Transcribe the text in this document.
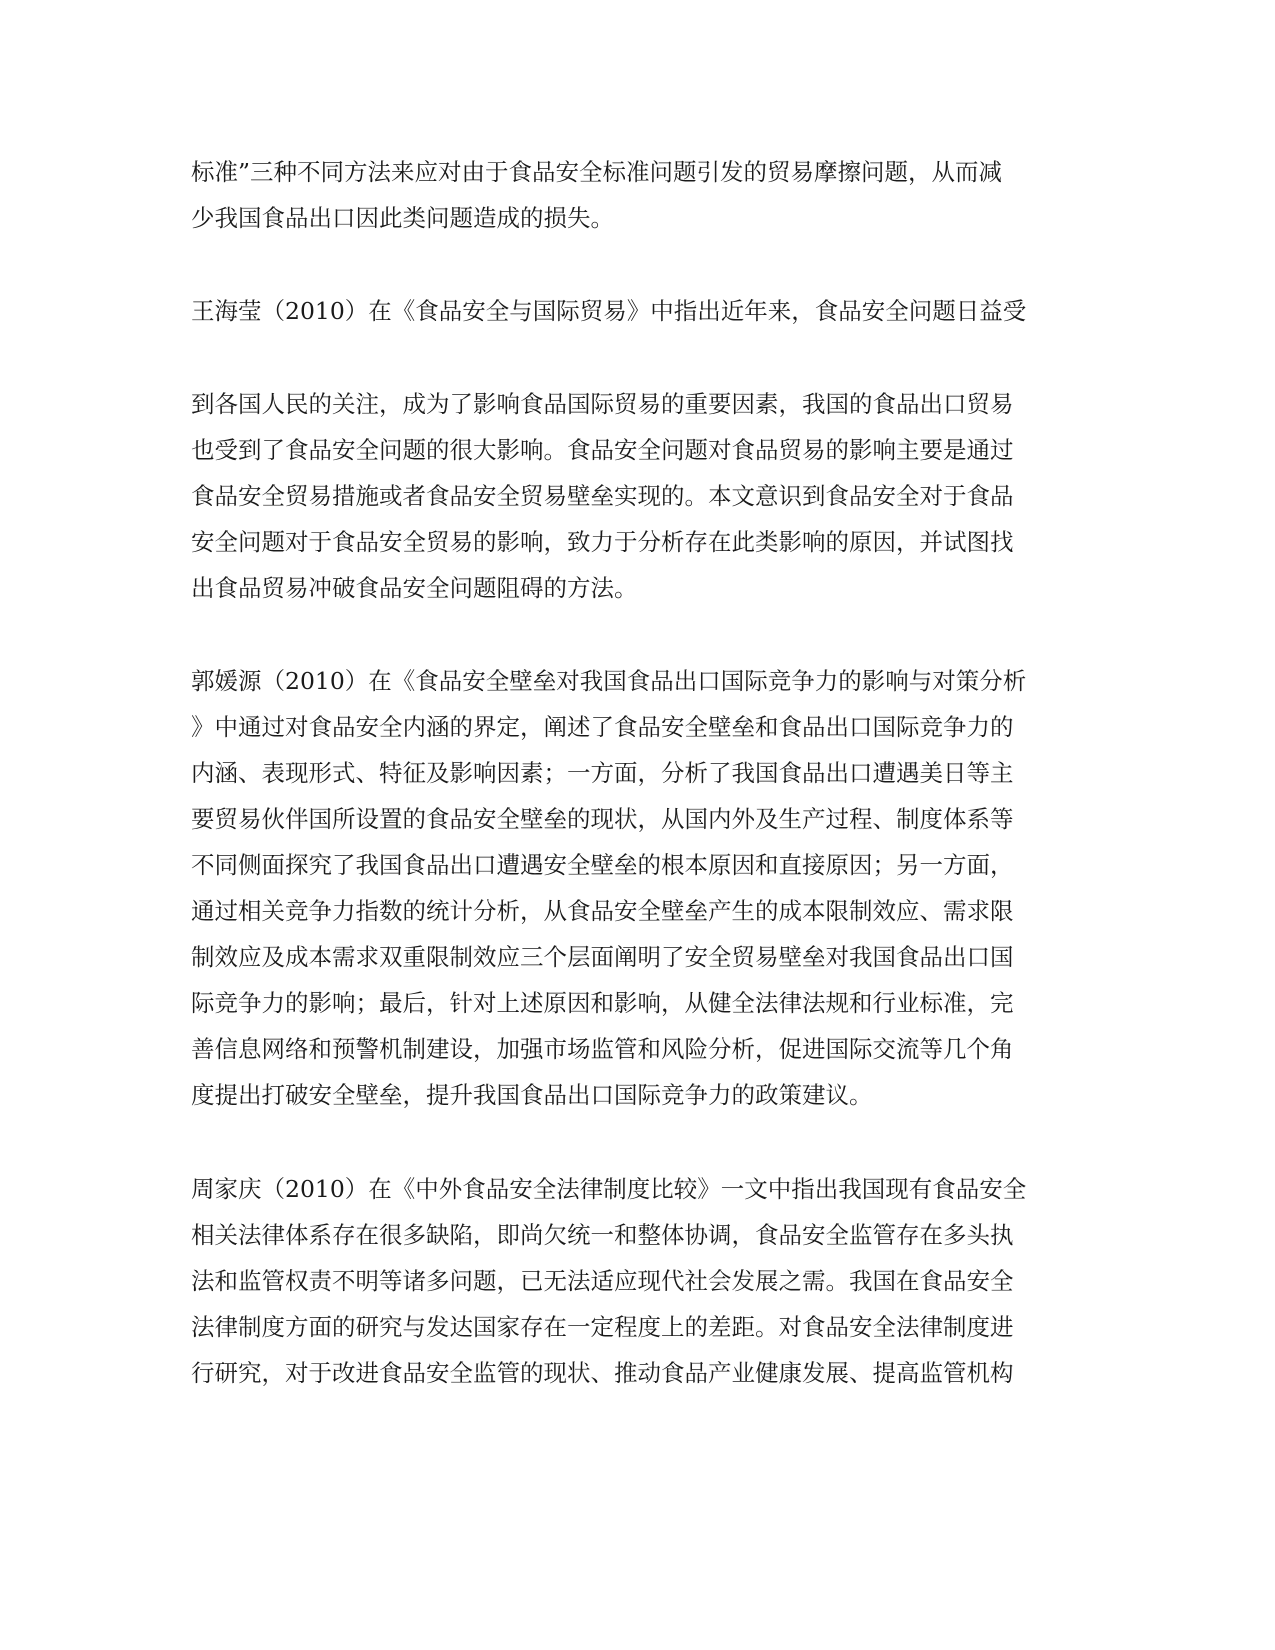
标准”三种不同方法来应对由于食品安全标准问题引发的贸易摩擦问题，从而减
少我国食品出口因此类问题造成的损失。
王海莹（2010）在《食品安全与国际贸易》中指出近年来，食品安全问题日益受
到各国人民的关注，成为了影响食品国际贸易的重要因素，我国的食品出口贸易
也受到了食品安全问题的很大影响。食品安全问题对食品贸易的影响主要是通过
食品安全贸易措施或者食品安全贸易壁垒实现的。本文意识到食品安全对于食品
安全问题对于食品安全贸易的影响，致力于分析存在此类影响的原因，并试图找
出食品贸易冲破食品安全问题阻碍的方法。
郭媛源（2010）在《食品安全壁垒对我国食品出口国际竞争力的影响与对策分析
》中通过对食品安全内涵的界定，阐述了食品安全壁垒和食品出口国际竞争力的
内涵、表现形式、特征及影响因素；一方面，分析了我国食品出口遭遇美日等主
要贸易伙伴国所设置的食品安全壁垒的现状，从国内外及生产过程、制度体系等
不同侧面探究了我国食品出口遭遇安全壁垒的根本原因和直接原因；另一方面，
通过相关竞争力指数的统计分析，从食品安全壁垒产生的成本限制效应、需求限
制效应及成本需求双重限制效应三个层面阐明了安全贸易壁垒对我国食品出口国
际竞争力的影响；最后，针对上述原因和影响，从健全法律法规和行业标准，完
善信息网络和预警机制建设，加强市场监管和风险分析，促进国际交流等几个角
度提出打破安全壁垒，提升我国食品出口国际竞争力的政策建议。
周家庆（2010）在《中外食品安全法律制度比较》一文中指出我国现有食品安全
相关法律体系存在很多缺陷，即尚欠统一和整体协调，食品安全监管存在多头执
法和监管权责不明等诸多问题，已无法适应现代社会发展之需。我国在食品安全
法律制度方面的研究与发达国家存在一定程度上的差距。对食品安全法律制度进
行研究，对于改进食品安全监管的现状、推动食品产业健康发展、提高监管机构
